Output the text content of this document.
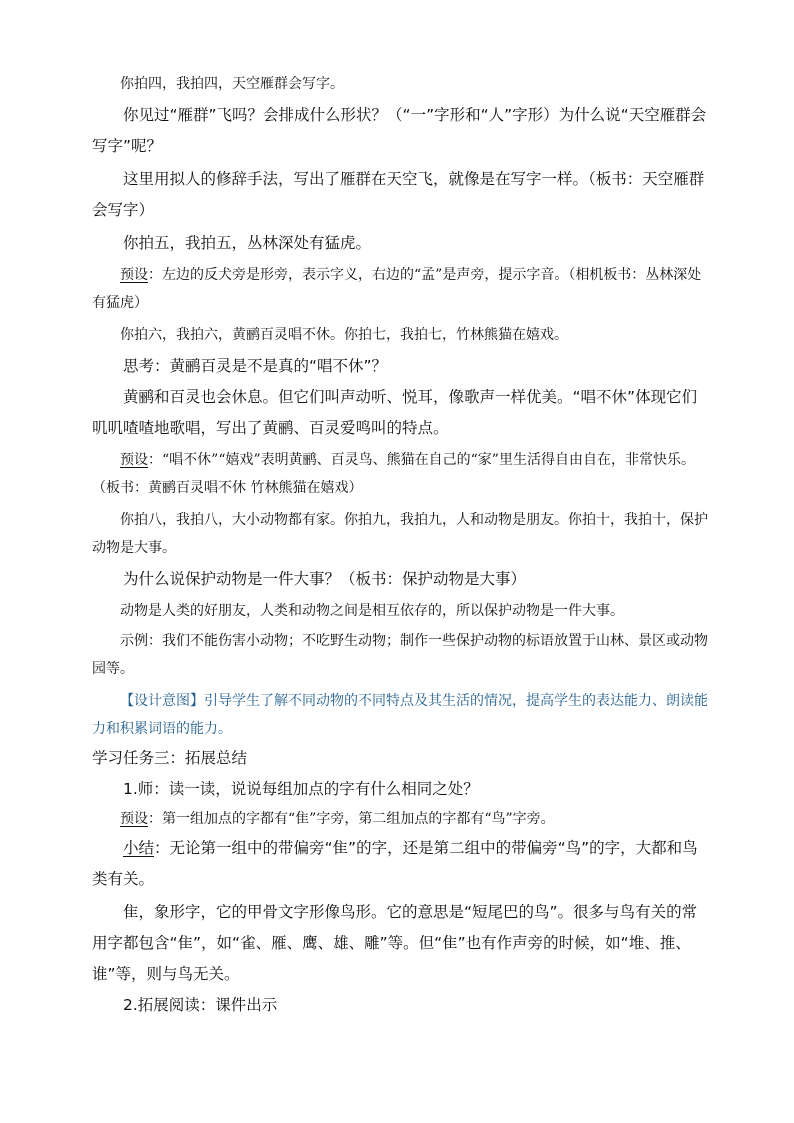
你拍四，我拍四，天空雁群会写字。

你见过“雁群”飞吗？会排成什么形状？（“一”字形和“人”字形）为什么说“天空雁群会写字”呢？

这里用拟人的修辞手法，写出了雁群在天空飞，就像是在写字一样。（板书：天空雁群会写字）

你拍五，我拍五，丛林深处有猛虎。

预设：左边的反犬旁是形旁，表示字义，右边的“孟”是声旁，提示字音。（相机板书：丛林深处有猛虎）

你拍六，我拍六，黄鹂百灵唱不休。你拍七，我拍七，竹林熊猫在嬉戏。

思考：黄鹂百灵是不是真的“唱不休”？

黄鹂和百灵也会休息。但它们叫声动听、悦耳，像歌声一样优美。“唱不休”体现它们叽叽喳喳地歌唱，写出了黄鹂、百灵爱鸣叫的特点。

预设：“唱不休”“嬉戏”表明黄鹂、百灵鸟、熊猫在自己的“家”里生活得自由自在，非常快乐。（板书：黄鹂百灵唱不休 竹林熊猫在嬉戏）

你拍八，我拍八，大小动物都有家。你拍九，我拍九，人和动物是朋友。你拍十，我拍十，保护动物是大事。

为什么说保护动物是一件大事？（板书：保护动物是大事）

动物是人类的好朋友，人类和动物之间是相互依存的，所以保护动物是一件大事。

示例：我们不能伤害小动物；不吃野生动物；制作一些保护动物的标语放置于山林、景区或动物园等。

【设计意图】引导学生了解不同动物的不同特点及其生活的情况，提高学生的表达能力、朗读能力和积累词语的能力。

学习任务三：拓展总结

1.师：读一读，说说每组加点的字有什么相同之处？

预设：第一组加点的字都有“隹”字旁，第二组加点的字都有“鸟”字旁。

小结：无论第一组中的带偏旁“隹”的字，还是第二组中的带偏旁“鸟”的字，大都和鸟类有关。

隹，象形字，它的甲骨文字形像鸟形。它的意思是“短尾巴的鸟”。很多与鸟有关的常用字都包含“隹”，如“雀、雁、鹰、雄、雕”等。但“隹”也有作声旁的时候，如“堆、推、谁”等，则与鸟无关。

2.拓展阅读：课件出示
